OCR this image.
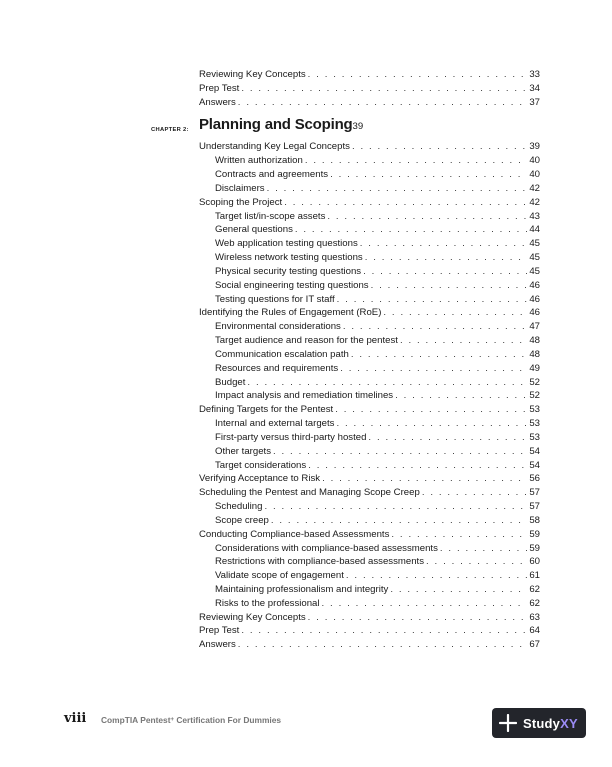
Reviewing Key Concepts . . .	33
Prep Test . . .	34
Answers . . .	37
CHAPTER 2: Planning and Scoping 39
Understanding Key Legal Concepts . . .	39
Written authorization . . .	40
Contracts and agreements . . .	40
Disclaimers . . .	42
Scoping the Project . . .	42
Target list/in-scope assets . . .	43
General questions . . .	44
Web application testing questions . . .	45
Wireless network testing questions . . .	45
Physical security testing questions . . .	45
Social engineering testing questions . . .	46
Testing questions for IT staff . . .	46
Identifying the Rules of Engagement (RoE) . . .	46
Environmental considerations . . .	47
Target audience and reason for the pentest . . .	48
Communication escalation path . . .	48
Resources and requirements . . .	49
Budget . . .	52
Impact analysis and remediation timelines . . .	52
Defining Targets for the Pentest . . .	53
Internal and external targets . . .	53
First-party versus third-party hosted . . .	53
Other targets . . .	54
Target considerations . . .	54
Verifying Acceptance to Risk . . .	56
Scheduling the Pentest and Managing Scope Creep . . .	57
Scheduling . . .	57
Scope creep . . .	58
Conducting Compliance-based Assessments . . .	59
Considerations with compliance-based assessments . . .	59
Restrictions with compliance-based assessments . . .	60
Validate scope of engagement . . .	61
Maintaining professionalism and integrity . . .	62
Risks to the professional . . .	62
Reviewing Key Concepts . . .	63
Prep Test . . .	64
Answers . . .	67
viii CompTIA Pentest+ Certification For Dummies	StudyXY
